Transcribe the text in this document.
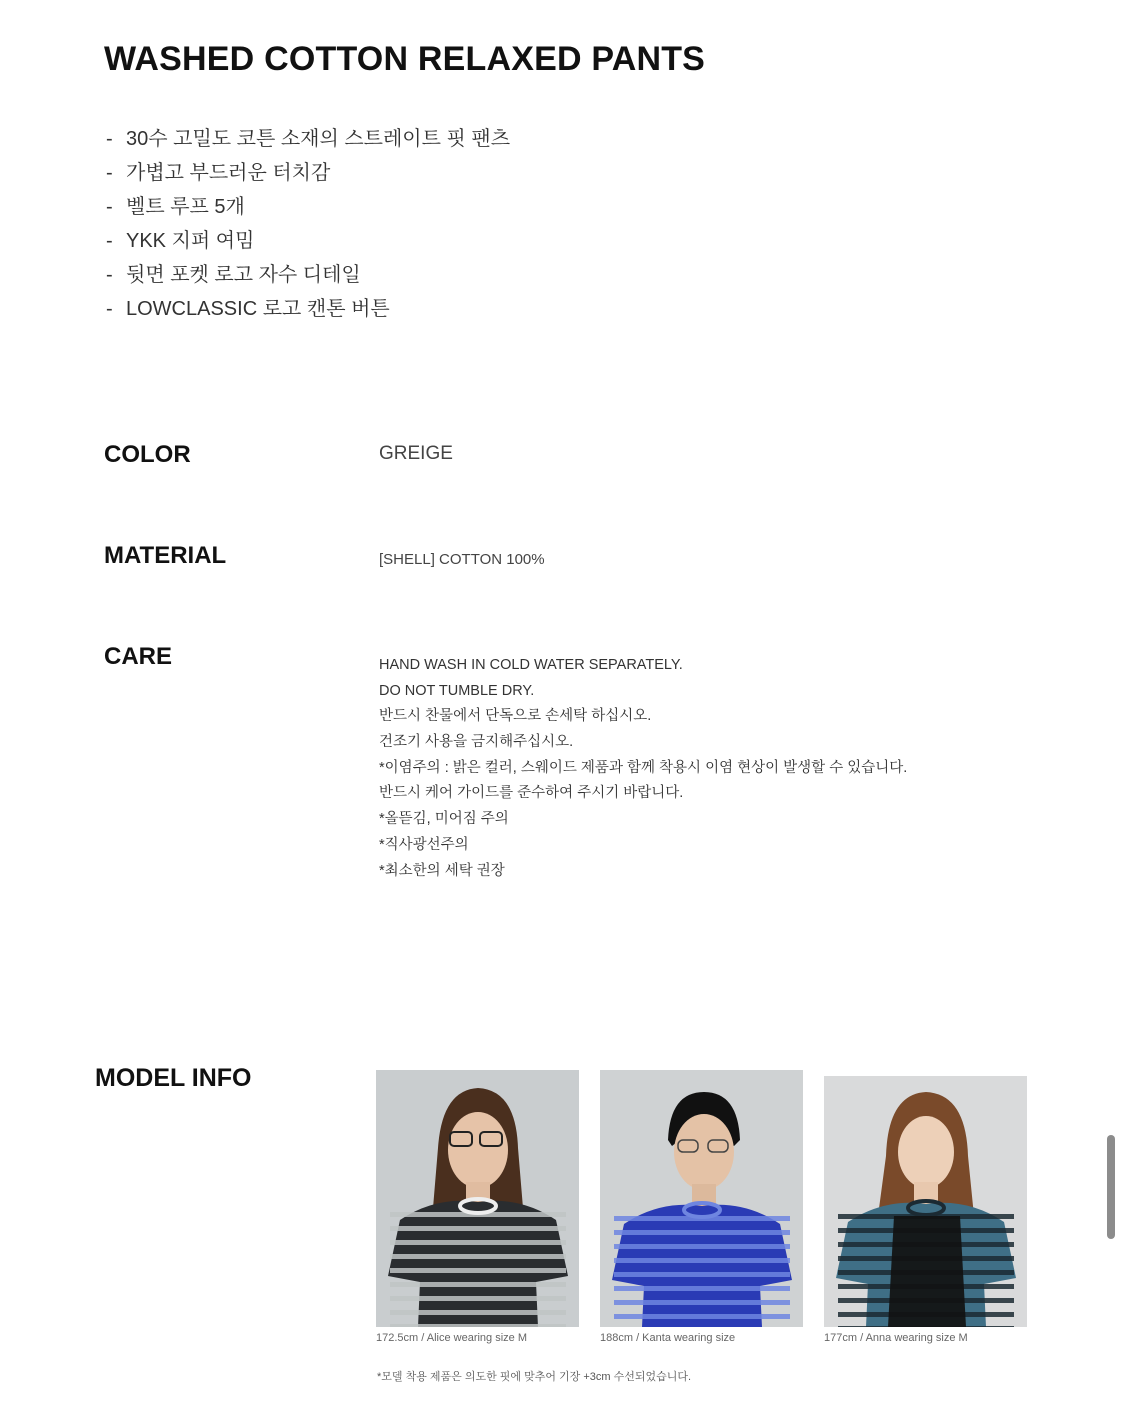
WASHED COTTON RELAXED PANTS
- 30수 고밀도 코튼 소재의 스트레이트 핏 팬츠
- 가볍고 부드러운 터치감
- 벨트 루프 5개
- YKK 지퍼 여밈
- 뒷면 포켓 로고 자수 디테일
- LOWCLASSIC 로고 캔톤 버튼
COLOR	GREIGE
MATERIAL	[SHELL] COTTON 100%
CARE	HAND WASH IN COLD WATER SEPARATELY.
DO NOT TUMBLE DRY.
반드시 찬물에서 단독으로 손세탁 하십시오.
건조기 사용을 금지해주십시오.
*이염주의 : 밝은 컬러, 스웨이드 제품과 함께 착용시 이염 현상이 발생할 수 있습니다.
반드시 케어 가이드를 준수하여 주시기 바랍니다.
*올뜯김, 미어짐 주의
*직사광선주의
*최소한의 세탁 권장
MODEL INFO
172.5cm / Alice wearing size M	188cm / Kanta wearing size	177cm / Anna wearing size M
*모델 착용 제품은 의도한 핏에 맞추어 기장 +3cm 수선되었습니다.
